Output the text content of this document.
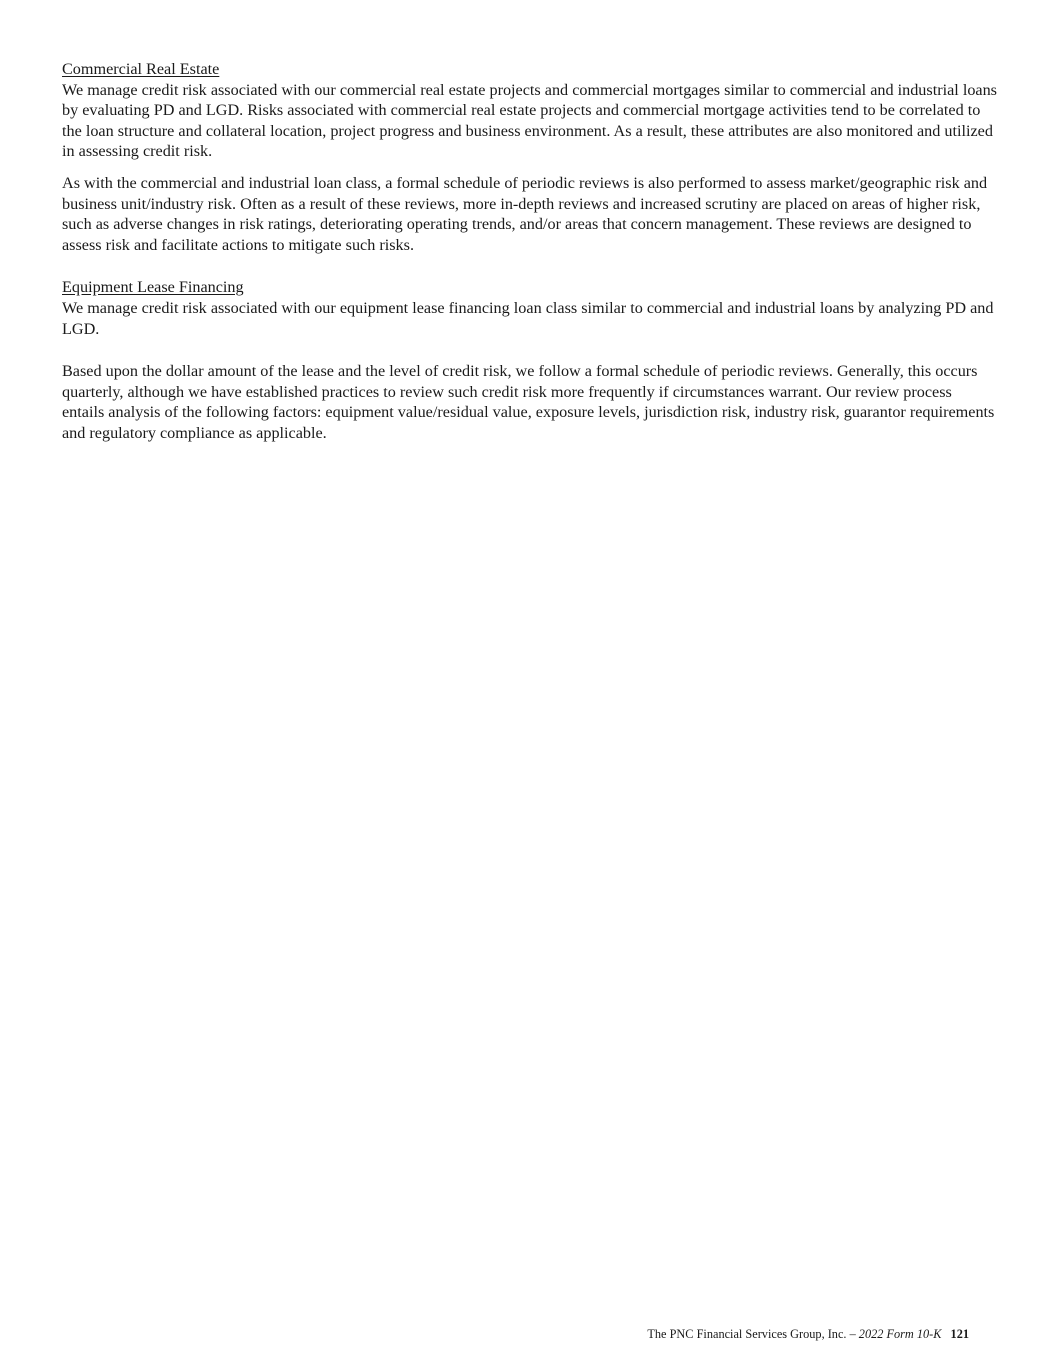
Commercial Real Estate

We manage credit risk associated with our commercial real estate projects and commercial mortgages similar to commercial and industrial loans by evaluating PD and LGD. Risks associated with commercial real estate projects and commercial mortgage activities tend to be correlated to the loan structure and collateral location, project progress and business environment. As a result, these attributes are also monitored and utilized in assessing credit risk.

As with the commercial and industrial loan class, a formal schedule of periodic reviews is also performed to assess market/geographic risk and business unit/industry risk. Often as a result of these reviews, more in-depth reviews and increased scrutiny are placed on areas of higher risk, such as adverse changes in risk ratings, deteriorating operating trends, and/or areas that concern management. These reviews are designed to assess risk and facilitate actions to mitigate such risks.

Equipment Lease Financing

We manage credit risk associated with our equipment lease financing loan class similar to commercial and industrial loans by analyzing PD and LGD.

Based upon the dollar amount of the lease and the level of credit risk, we follow a formal schedule of periodic reviews. Generally, this occurs quarterly, although we have established practices to review such credit risk more frequently if circumstances warrant. Our review process entails analysis of the following factors: equipment value/residual value, exposure levels, jurisdiction risk, industry risk, guarantor requirements and regulatory compliance as applicable.

The PNC Financial Services Group, Inc. – 2022 Form 10-K 121
